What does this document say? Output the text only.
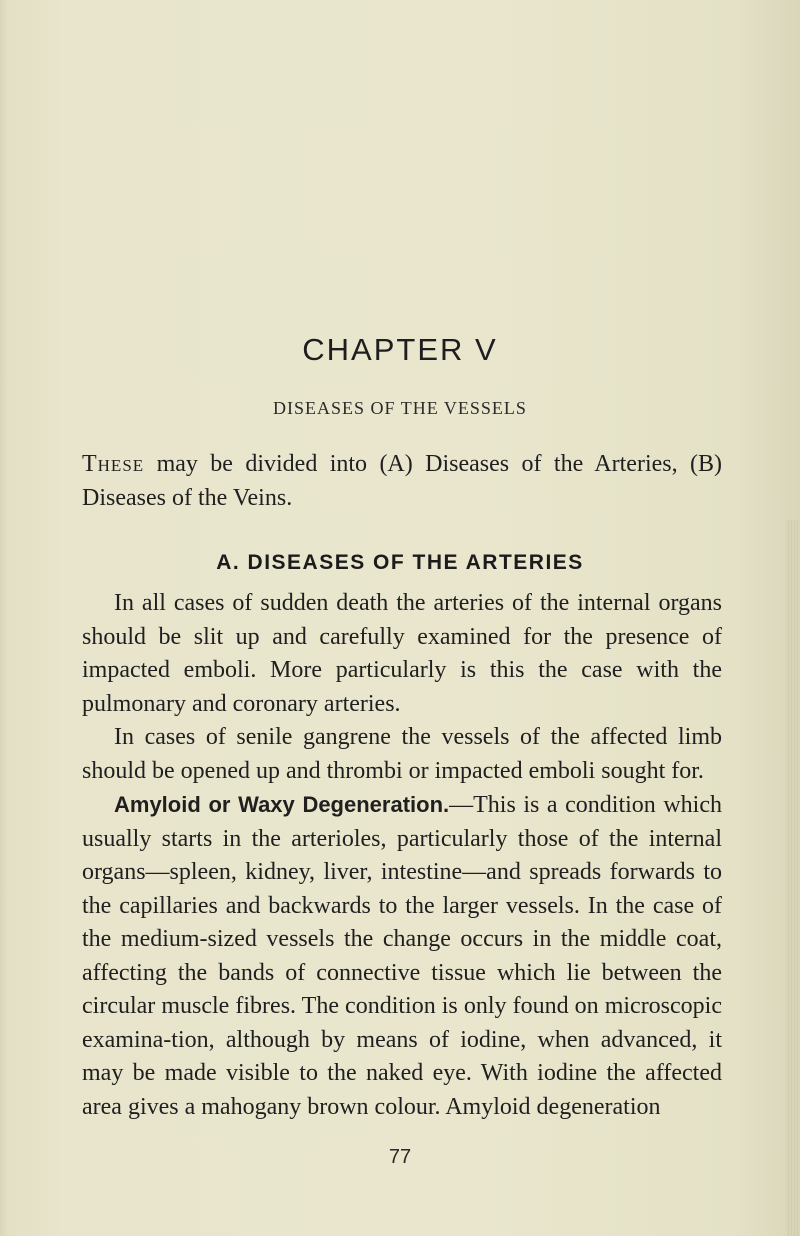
CHAPTER V
DISEASES OF THE VESSELS

These may be divided into (A) Diseases of the Arteries, (B) Diseases of the Veins.

A. DISEASES OF THE ARTERIES

In all cases of sudden death the arteries of the internal organs should be slit up and carefully examined for the presence of impacted emboli. More particularly is this the case with the pulmonary and coronary arteries.

In cases of senile gangrene the vessels of the affected limb should be opened up and thrombi or impacted emboli sought for.

Amyloid or Waxy Degeneration.—This is a condition which usually starts in the arterioles, particularly those of the internal organs—spleen, kidney, liver, intestine—and spreads forwards to the capillaries and backwards to the larger vessels. In the case of the medium-sized vessels the change occurs in the middle coat, affecting the bands of connective tissue which lie between the circular muscle fibres. The condition is only found on microscopic examina-tion, although by means of iodine, when advanced, it may be made visible to the naked eye. With iodine the affected area gives a mahogany brown colour. Amyloid degeneration

77
